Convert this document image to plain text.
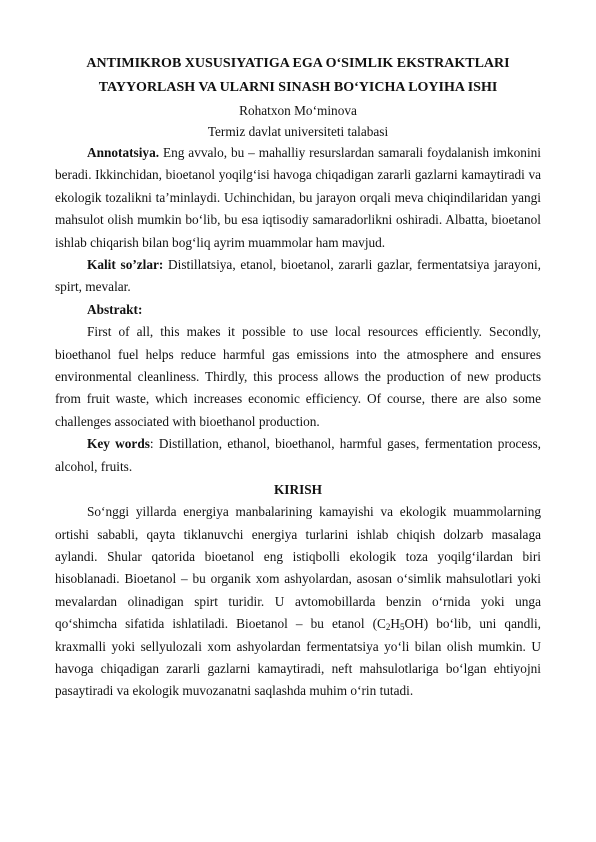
ANTIMIKROB XUSUSIYATIGA EGA O‘SIMLIK EKSTRAKTLARI
TAYYORLASH VA ULARNI SINASH BO‘YICHA LOYIHA ISHI
Rohatxon Mo‘minova
Termiz davlat universiteti talabasi

Annotatsiya. Eng avvalo, bu – mahalliy resurslardan samarali foydalanish imkonini beradi. Ikkinchidan, bioetanol yoqilg‘isi havoga chiqadigan zararli gazlarni kamaytiradi va ekologik tozalikni ta’minlaydi. Uchinchidan, bu jarayon orqali meva chiqindilaridan yangi mahsulot olish mumkin bo‘lib, bu esa iqtisodiy samaradorlikni oshiradi. Albatta, bioetanol ishlab chiqarish bilan bog‘liq ayrim muammolar ham mavjud.

Kalit so’zlar: Distillatsiya, etanol, bioetanol, zararli gazlar, fermentatsiya jarayoni, spirt, mevalar.

Abstrakt:

First of all, this makes it possible to use local resources efficiently. Secondly, bioethanol fuel helps reduce harmful gas emissions into the atmosphere and ensures environmental cleanliness. Thirdly, this process allows the production of new products from fruit waste, which increases economic efficiency. Of course, there are also some challenges associated with bioethanol production.

Key words: Distillation, ethanol, bioethanol, harmful gases, fermentation process, alcohol, fruits.

KIRISH

So‘nggi yillarda energiya manbalarining kamayishi va ekologik muammolarning ortishi sababli, qayta tiklanuvchi energiya turlarini ishlab chiqish dolzarb masalaga aylandi. Shular qatorida bioetanol eng istiqbolli ekologik toza yoqilg‘ilardan biri hisoblanadi. Bioetanol – bu organik xom ashyolardan, asosan o‘simlik mahsulotlari yoki mevalardan olinadigan spirt turidir. U avtomobillarda benzin o‘rnida yoki unga qo‘shimcha sifatida ishlatiladi. Bioetanol – bu etanol $(C_2H_5OH)$ bo‘lib, uni qandli, kraxmalli yoki sellyulozali xom ashyolardan fermentatsiya yo‘li bilan olish mumkin. U havoga chiqadigan zararli gazlarni kamaytiradi, neft mahsulotlariga bo‘lgan ehtiyojni pasaytiradi va ekologik muvozanatni saqlashda muhim o‘rin tutadi.
